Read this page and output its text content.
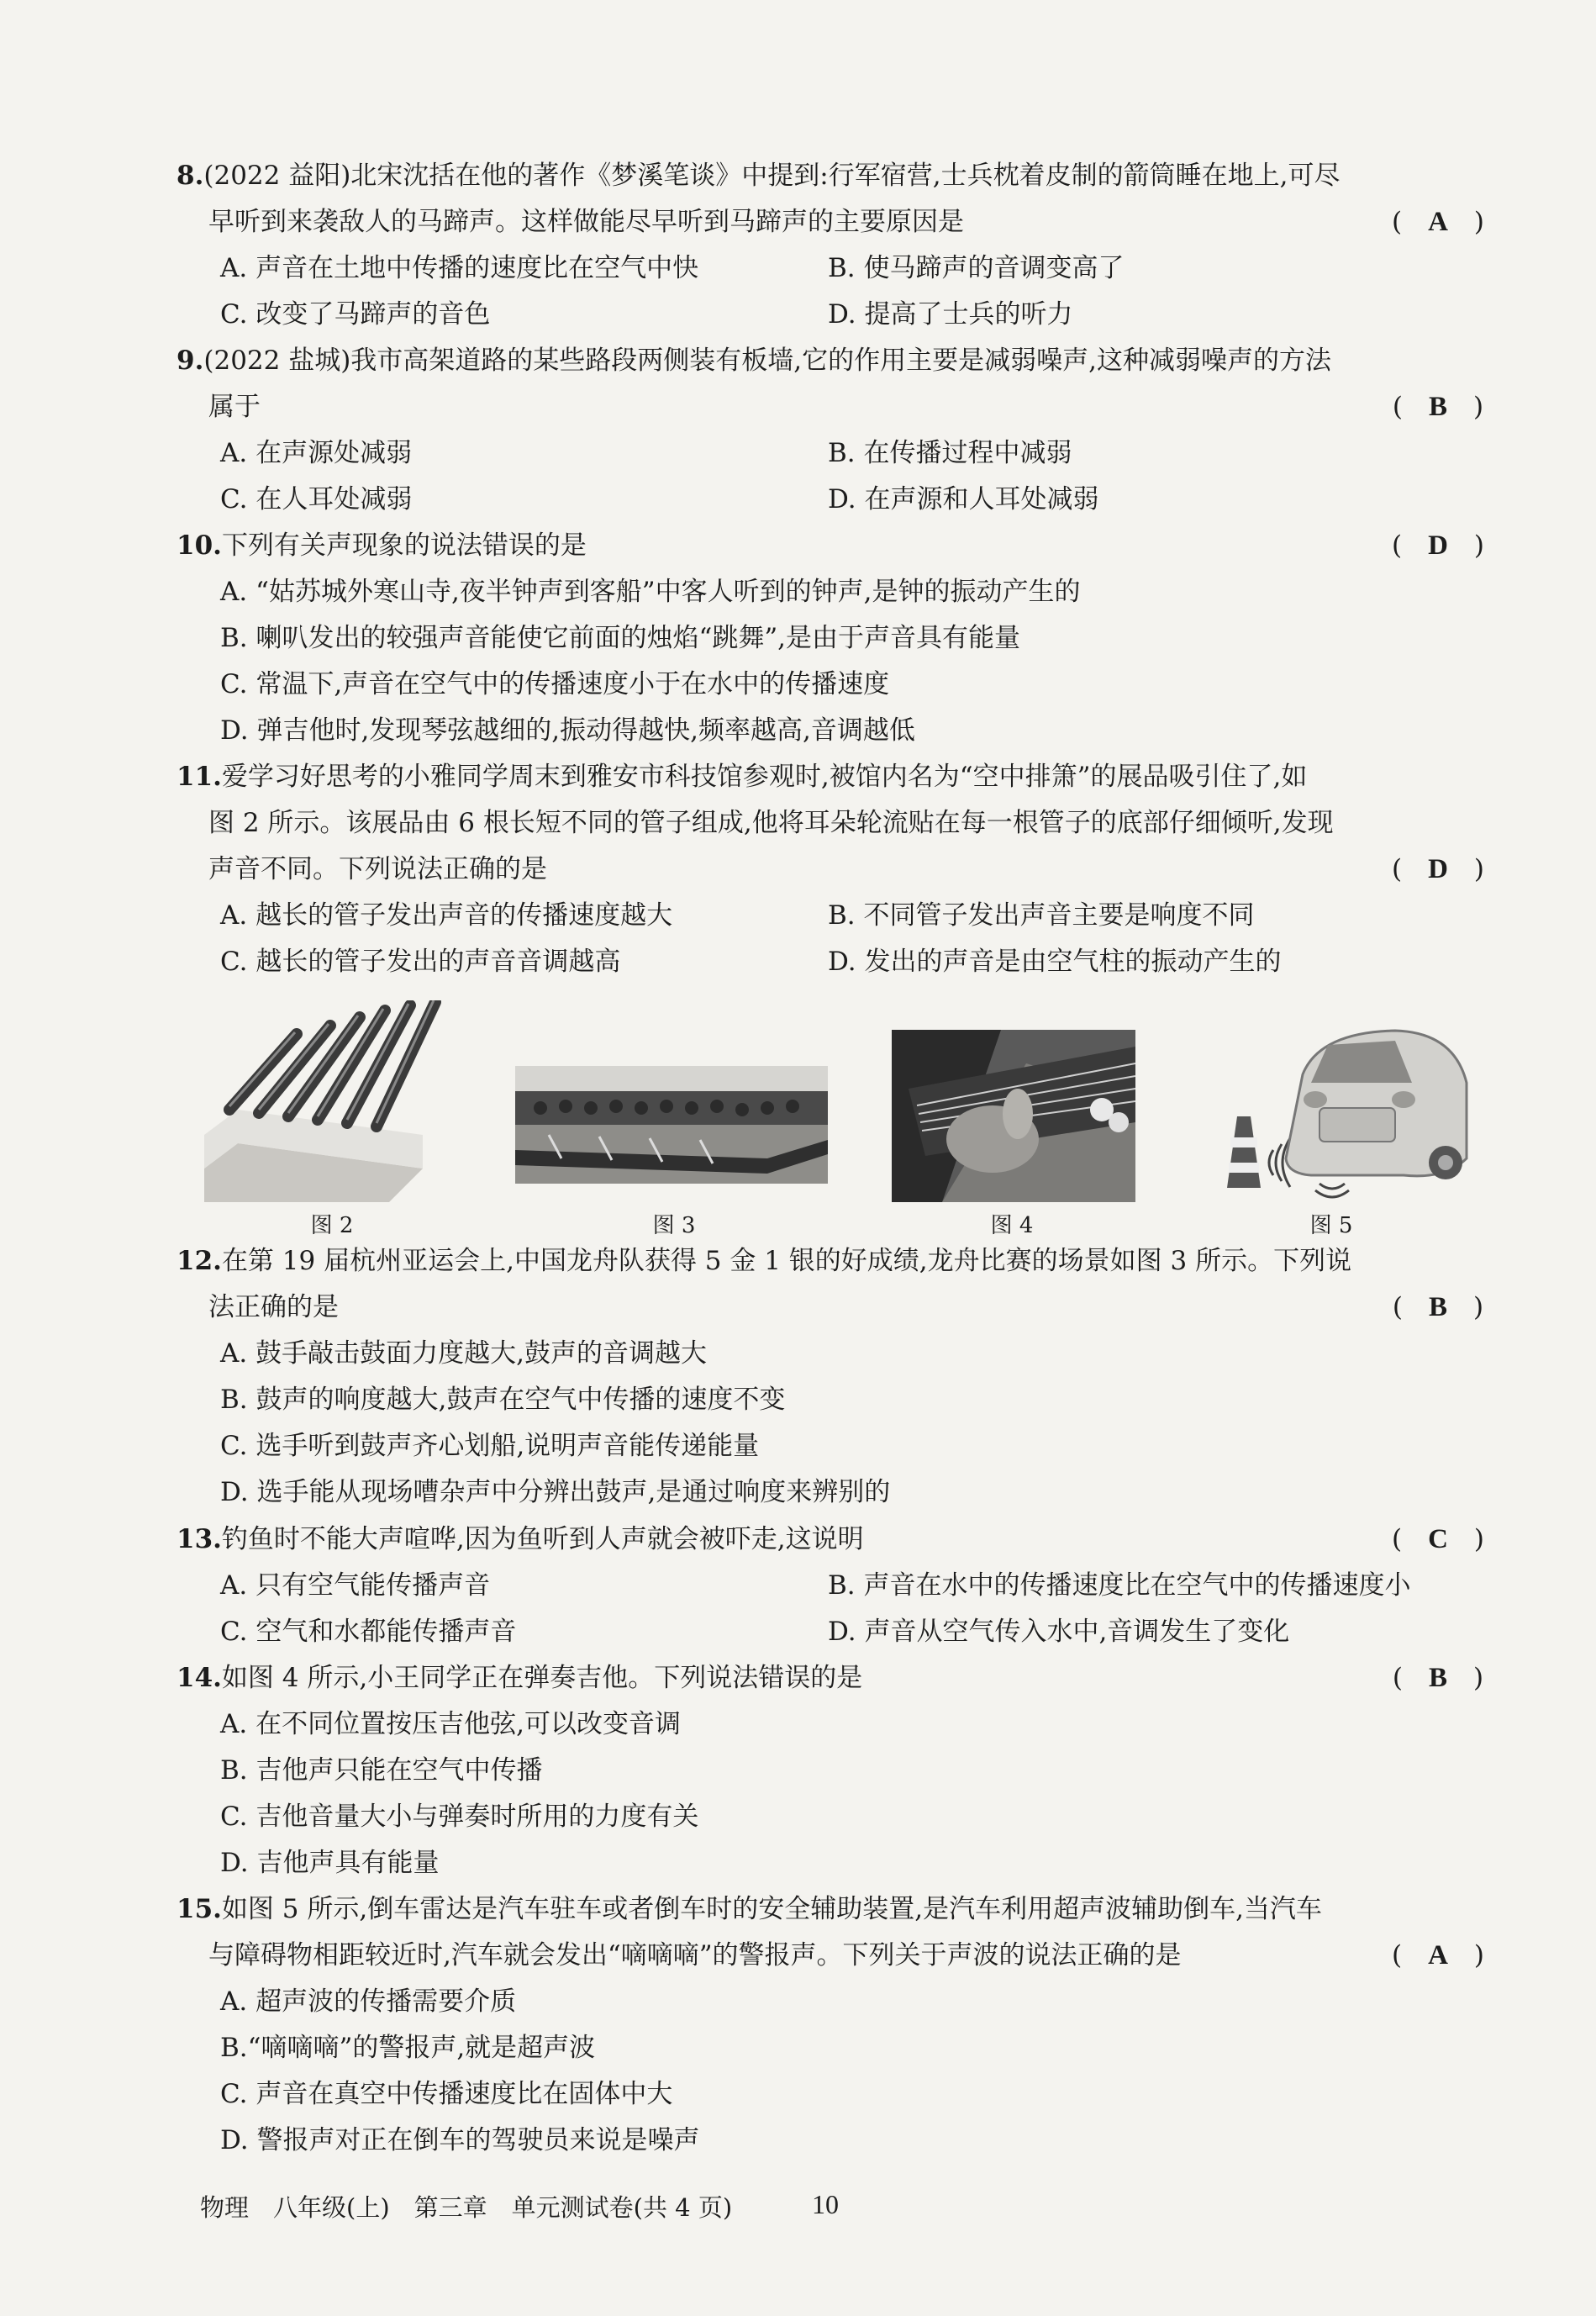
8.(2022 益阳)北宋沈括在他的著作《梦溪笔谈》中提到:行军宿营,士兵枕着皮制的箭筒睡在地上,可尽
早听到来袭敌人的马蹄声。这样做能尽早听到马蹄声的主要原因是	(　 A　 )
A. 声音在土地中传播的速度比在空气中快	B. 使马蹄声的音调变高了
C. 改变了马蹄声的音色	D. 提高了士兵的听力
9.(2022 盐城)我市高架道路的某些路段两侧装有板墙,它的作用主要是减弱噪声,这种减弱噪声的方法
属于	(　 B　 )
A. 在声源处减弱	B. 在传播过程中减弱
C. 在人耳处减弱	D. 在声源和人耳处减弱
10.下列有关声现象的说法错误的是	(　 D　 )
A. “姑苏城外寒山寺,夜半钟声到客船”中客人听到的钟声,是钟的振动产生的
B. 喇叭发出的较强声音能使它前面的烛焰“跳舞”,是由于声音具有能量
C. 常温下,声音在空气中的传播速度小于在水中的传播速度
D. 弹吉他时,发现琴弦越细的,振动得越快,频率越高,音调越低
11.爱学习好思考的小雅同学周末到雅安市科技馆参观时,被馆内名为“空中排箫”的展品吸引住了,如
图 2 所示。该展品由 6 根长短不同的管子组成,他将耳朵轮流贴在每一根管子的底部仔细倾听,发现
声音不同。下列说法正确的是	(　 D　 )
A. 越长的管子发出声音的传播速度越大	B. 不同管子发出声音主要是响度不同
C. 越长的管子发出的声音音调越高	D. 发出的声音是由空气柱的振动产生的
图 2	图 3	图 4	图 5
12.在第 19 届杭州亚运会上,中国龙舟队获得 5 金 1 银的好成绩,龙舟比赛的场景如图 3 所示。下列说
法正确的是	(　 B　 )
A. 鼓手敲击鼓面力度越大,鼓声的音调越大
B. 鼓声的响度越大,鼓声在空气中传播的速度不变
C. 选手听到鼓声齐心划船,说明声音能传递能量
D. 选手能从现场嘈杂声中分辨出鼓声,是通过响度来辨别的
13.钓鱼时不能大声喧哗,因为鱼听到人声就会被吓走,这说明	(　 C　 )
A. 只有空气能传播声音	B. 声音在水中的传播速度比在空气中的传播速度小
C. 空气和水都能传播声音	D. 声音从空气传入水中,音调发生了变化
14.如图 4 所示,小王同学正在弹奏吉他。下列说法错误的是	(　 B　 )
A. 在不同位置按压吉他弦,可以改变音调
B. 吉他声只能在空气中传播
C. 吉他音量大小与弹奏时所用的力度有关
D. 吉他声具有能量
15.如图 5 所示,倒车雷达是汽车驻车或者倒车时的安全辅助装置,是汽车利用超声波辅助倒车,当汽车
与障碍物相距较近时,汽车就会发出“嘀嘀嘀”的警报声。下列关于声波的说法正确的是	(　 A　 )
A. 超声波的传播需要介质
B.“嘀嘀嘀”的警报声,就是超声波
C. 声音在真空中传播速度比在固体中大
D. 警报声对正在倒车的驾驶员来说是噪声
物理　八年级(上)　第三章　单元测试卷(共 4 页)	10
